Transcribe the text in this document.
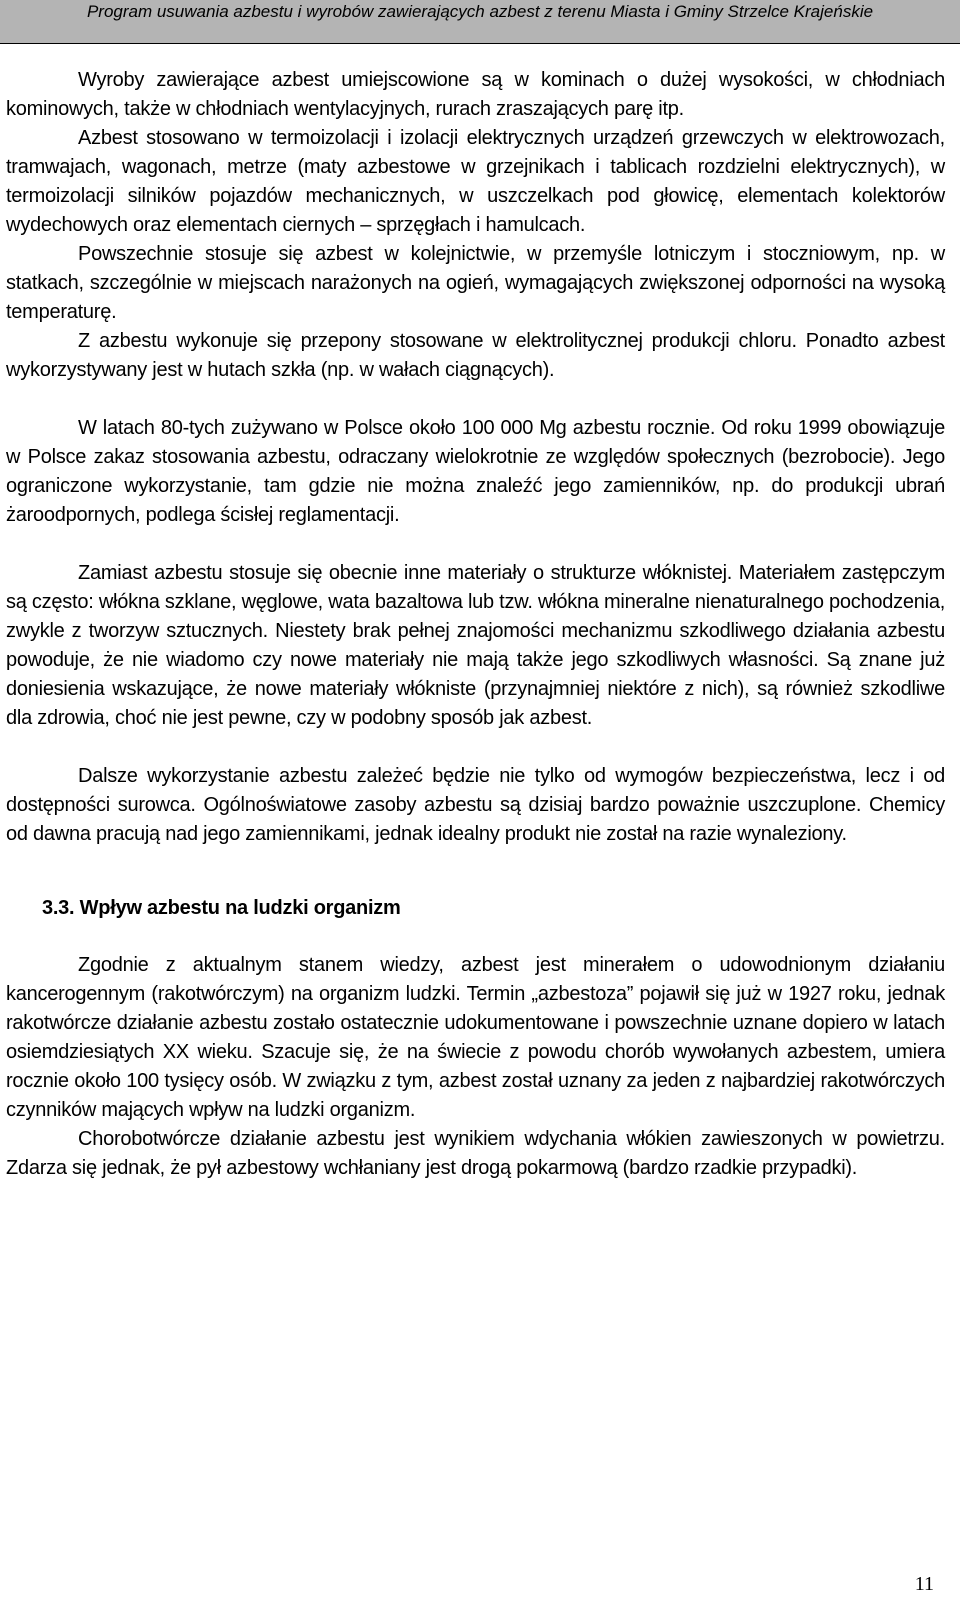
Program usuwania azbestu i wyrobów zawierających azbest z terenu Miasta i Gminy Strzelce Krajeńskie

Wyroby zawierające azbest umiejscowione są w kominach o dużej wysokości, w chłodniach kominowych, także w chłodniach wentylacyjnych, rurach zraszających parę itp.

Azbest stosowano w termoizolacji i izolacji elektrycznych urządzeń grzewczych w elektrowozach, tramwajach, wagonach, metrze (maty azbestowe w grzejnikach i tablicach rozdzielni elektrycznych), w termoizolacji silników pojazdów mechanicznych, w uszczelkach pod głowicę, elementach kolektorów wydechowych oraz elementach ciernych – sprzęgłach i hamulcach.

Powszechnie stosuje się azbest w kolejnictwie, w przemyśle lotniczym i stoczniowym, np. w statkach, szczególnie w miejscach narażonych na ogień, wymagających zwiększonej odporności na wysoką temperaturę.

Z azbestu wykonuje się przepony stosowane w elektrolitycznej produkcji chloru. Ponadto azbest wykorzystywany jest w hutach szkła (np. w wałach ciągnących).

W latach 80-tych zużywano w Polsce około 100 000 Mg azbestu rocznie. Od roku 1999 obowiązuje w Polsce zakaz stosowania azbestu, odraczany wielokrotnie ze względów społecznych (bezrobocie). Jego ograniczone wykorzystanie, tam gdzie nie można znaleźć jego zamienników, np. do produkcji ubrań żaroodpornych, podlega ścisłej reglamentacji.

Zamiast azbestu stosuje się obecnie inne materiały o strukturze włóknistej. Materiałem zastępczym są często: włókna szklane, węglowe, wata bazaltowa lub tzw. włókna mineralne nienaturalnego pochodzenia, zwykle z tworzyw sztucznych. Niestety brak pełnej znajomości mechanizmu szkodliwego działania azbestu powoduje, że nie wiadomo czy nowe materiały nie mają także jego szkodliwych własności. Są znane już doniesienia wskazujące, że nowe materiały włókniste (przynajmniej niektóre z nich), są również szkodliwe dla zdrowia, choć nie jest pewne, czy w podobny sposób jak azbest.

Dalsze wykorzystanie azbestu zależeć będzie nie tylko od wymogów bezpieczeństwa, lecz i od dostępności surowca. Ogólnoświatowe zasoby azbestu są dzisiaj bardzo poważnie uszczuplone. Chemicy od dawna pracują nad jego zamiennikami, jednak idealny produkt nie został na razie wynaleziony.

3.3. Wpływ azbestu na ludzki organizm

Zgodnie z aktualnym stanem wiedzy, azbest jest minerałem o udowodnionym działaniu kancerogennym (rakotwórczym) na organizm ludzki. Termin „azbestoza” pojawił się już w 1927 roku, jednak rakotwórcze działanie azbestu zostało ostatecznie udokumentowane i powszechnie uznane dopiero w latach osiemdziesiątych XX wieku. Szacuje się, że na świecie z powodu chorób wywołanych azbestem, umiera rocznie około 100 tysięcy osób. W związku z tym, azbest został uznany za jeden z najbardziej rakotwórczych czynników mających wpływ na ludzki organizm.

Chorobotwórcze działanie azbestu jest wynikiem wdychania włókien zawieszonych w powietrzu. Zdarza się jednak, że pył azbestowy wchłaniany jest drogą pokarmową (bardzo rzadkie przypadki).

11
